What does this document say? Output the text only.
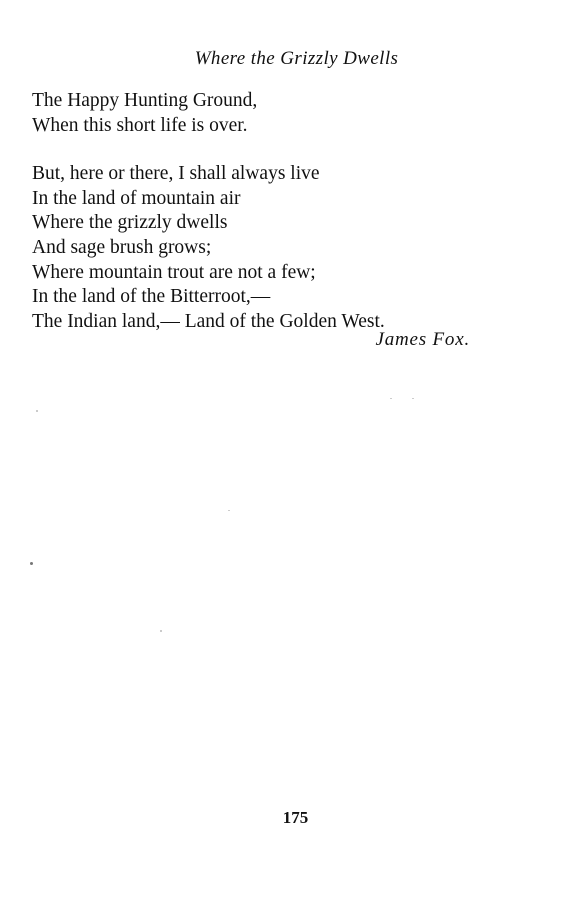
Where the Grizzly Dwells
The Happy Hunting Ground,
When this short life is over.
But, here or there, I shall always live
In the land of mountain air
Where the grizzly dwells
And sage brush grows;
Where mountain trout are not a few;
In the land of the Bitterroot,—
The Indian land,— Land of the Golden West.
James Fox.
175
